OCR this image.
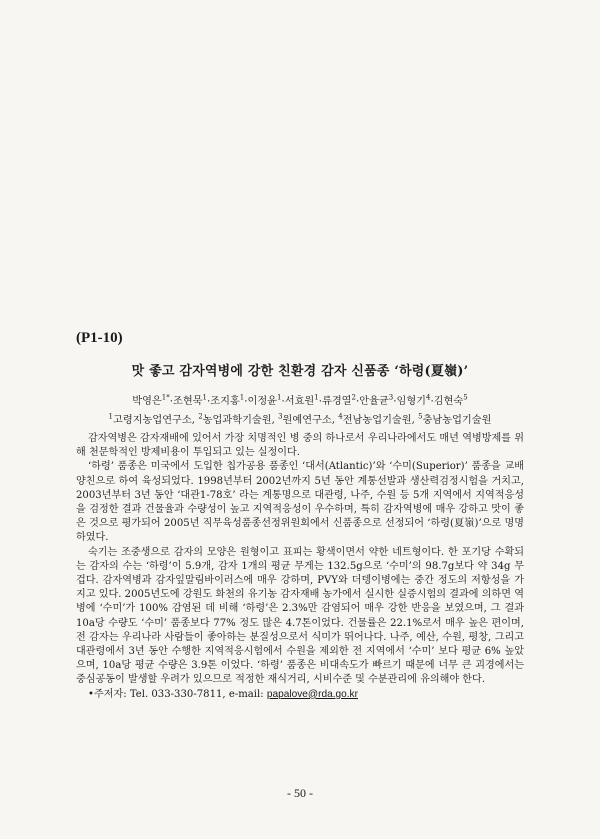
(P1-10)
맛 좋고 감자역병에 강한 친환경 감자 신품종 ‘하령(夏嶺)’
박영은$^{1*}$·조현묵$^1$·조지홍$^1$·이정윤$^1$·서효원$^1$·류경열$^2$·안율균$^3$·임형기$^4$·김현숙$^5$
$^1$고령지농업연구소, $^2$농업과학기술원, $^3$원예연구소, $^4$전남농업기술원, $^5$충남농업기술원

감자역병은 감자재배에 있어서 가장 치명적인 병 중의 하나로서 우리나라에서도 매년 역병방제를 위해 천문학적인 방제비용이 투입되고 있는 실정이다.

‘하령’ 품종은 미국에서 도입한 칩가공용 품종인 ‘대서(Atlantic)’와 ‘수미(Superior)’ 품종을 교배양친으로 하여 육성되었다. 1998년부터 2002년까지 5년 동안 계통선발과 생산력검정시험을 거치고, 2003년부터 3년 동안 ‘대관1-78호’ 라는 계통명으로 대관령, 나주, 수원 등 5개 지역에서 지역적응성을 검정한 결과 건물율과 수량성이 높고 지역적응성이 우수하며, 특히 감자역병에 매우 강하고 맛이 좋은 것으로 평가되어 2005년 직무육성품종선정위원회에서 신품종으로 선정되어 ‘하령(夏嶺)’으로 명명하였다.

숙기는 조중생으로 감자의 모양은 원형이고 표피는 황색이면서 약한 네트형이다. 한 포기당 수확되는 감자의 수는 ‘하령’이 5.9개, 감자 1개의 평균 무게는 132.5g으로 ‘수미’의 98.7g보다 약 34g 무겁다. 감자역병과 감자잎말림바이러스에 매우 강하며, PVY와 더뎅이병에는 중간 정도의 저항성을 가지고 있다. 2005년도에 강원도 화천의 유기농 감자재배 농가에서 실시한 실증시험의 결과에 의하면 역병에 ‘수미’가 100% 감염된 데 비해 ‘하령’은 2.3%만 감염되어 매우 강한 반응을 보였으며, 그 결과 10a당 수량도 ‘수미’ 품종보다 77% 정도 많은 4.7톤이었다. 건물률은 22.1%로서 매우 높은 편이며, 전 감자는 우리나라 사람들이 좋아하는 분질성으로서 식미가 뛰어나다. 나주, 예산, 수원, 평창, 그리고 대관령에서 3년 동안 수행한 지역적응시험에서 수원을 제외한 전 지역에서 ‘수미’ 보다 평균 6% 높았으며, 10a당 평균 수량은 3.9톤 이었다. ‘하령’ 품종은 비대속도가 빠르기 때문에 너무 큰 괴경에서는 중심공동이 발생할 우려가 있으므로 적정한 재식거리, 시비수준 및 수분관리에 유의해야 한다.

•주저자: Tel. 033-330-7811, e-mail: papalove@rda.go.kr

- 50 -
